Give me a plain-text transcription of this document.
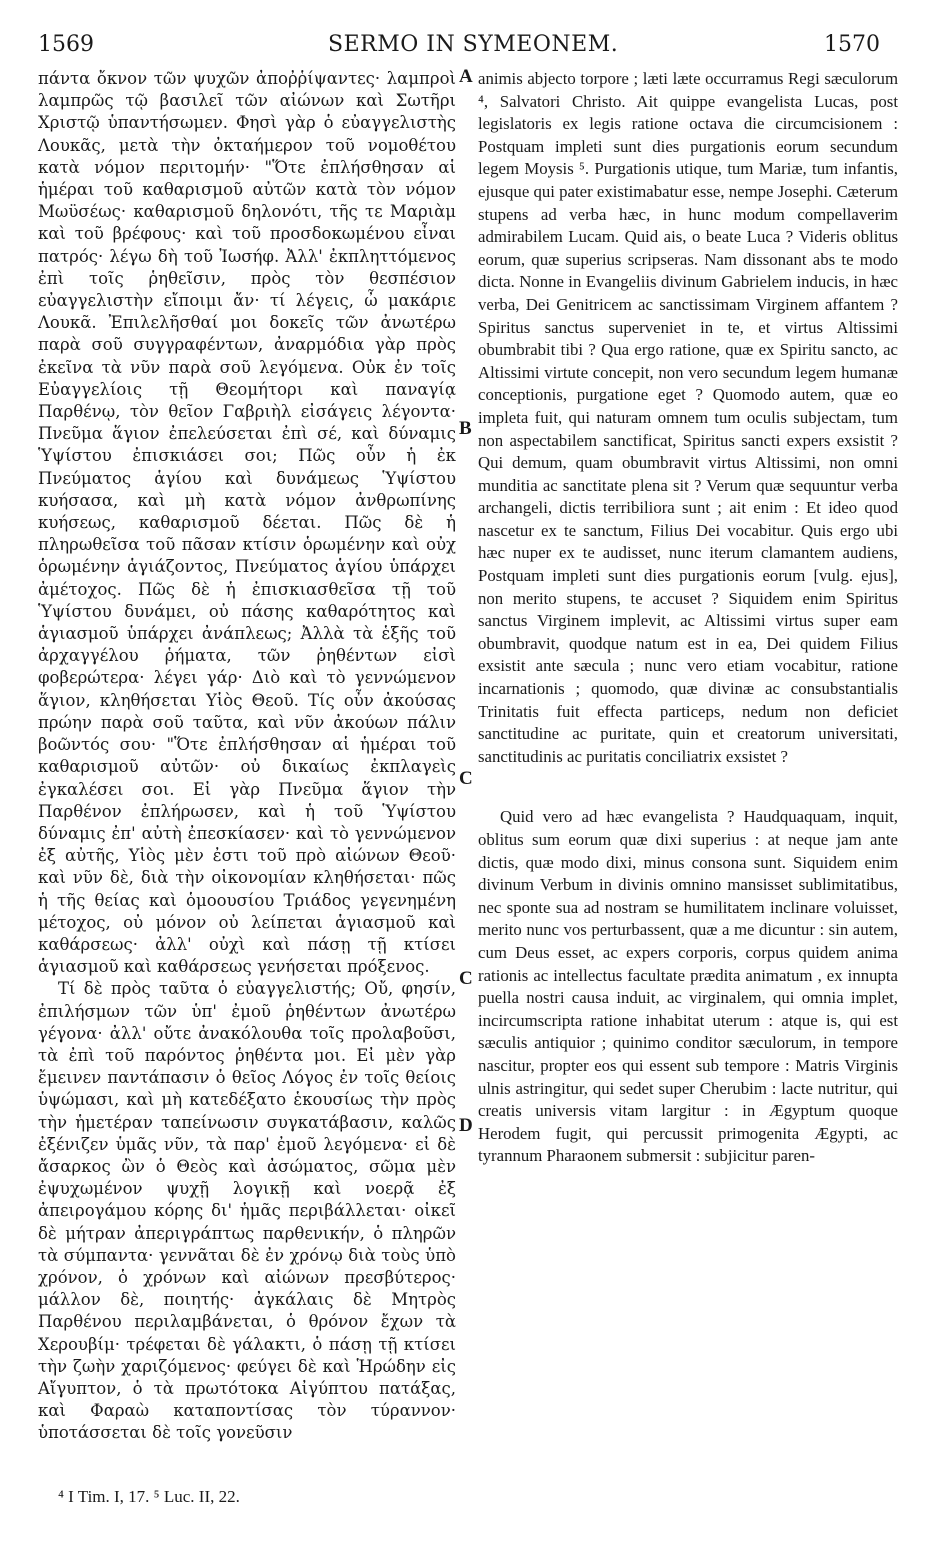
1569	SERMO IN SYMEONEM.	1570

πάντα ὄκνον τῶν ψυχῶν ἀποῤῥίψαντες· λαμπροὶ λαμπρῶς τῷ βασιλεῖ τῶν αἰώνων καὶ Σωτῆρι Χριστῷ ὑπαντήσωμεν. Φησὶ γὰρ ὁ εὐαγγελιστὴς Λουκᾶς, μετὰ τὴν ὀκταήμερον τοῦ νομοθέτου κατὰ νόμον περιτομήν· "Ὅτε ἐπλήσθησαν αἱ ἡμέραι τοῦ καθαρισμοῦ αὐτῶν κατὰ τὸν νόμον Μωϋσέως· καθαρισμοῦ δηλονότι, τῆς τε Μαριὰμ καὶ τοῦ βρέφους· καὶ τοῦ προσδοκωμένου εἶναι πατρός· λέγω δὴ τοῦ Ἰωσήφ. Ἀλλ' ἐκπληττόμενος ἐπὶ τοῖς ῥηθεῖσιν, πρὸς τὸν θεσπέσιον εὐαγγελιστὴν εἴποιμι ἄν· τί λέγεις, ὦ μακάριε Λουκᾶ. Ἐπιλελῆσθαί μοι δοκεῖς τῶν ἀνωτέρω παρὰ σοῦ συγγραφέντων, ἀναρμόδια γὰρ πρὸς ἐκεῖνα τὰ νῦν παρὰ σοῦ λεγόμενα. Οὐκ ἐν τοῖς Εὐαγγελίοις τῇ Θεομήτορι καὶ παναγίᾳ Παρθένῳ, τὸν θεῖον Γαβριὴλ εἰσάγεις λέγοντα· Πνεῦμα ἅγιον ἐπελεύσεται ἐπὶ σέ, καὶ δύναμις Ὑψίστου ἐπισκιάσει σοι; Πῶς οὖν ἡ ἐκ Πνεύματος ἁγίου καὶ δυνάμεως Ὑψίστου κυήσασα, καὶ μὴ κατὰ νόμον ἀνθρωπίνης κυήσεως, καθαρισμοῦ δέεται. Πῶς δὲ ἡ πληρωθεῖσα τοῦ πᾶσαν κτίσιν ὁρωμένην καὶ οὐχ ὁρωμένην ἁγιάζοντος, Πνεύματος ἁγίου ὑπάρχει ἀμέτοχος. Πῶς δὲ ἡ ἐπισκιασθεῖσα τῇ τοῦ Ὑψίστου δυνάμει, οὐ πάσης καθαρότητος καὶ ἁγιασμοῦ ὑπάρχει ἀνάπλεως; Ἀλλὰ τὰ ἑξῆς τοῦ ἀρχαγγέλου ῥήματα, τῶν ῥηθέντων εἰσὶ φοβερώτερα· λέγει γάρ· Διὸ καὶ τὸ γεννώμενον ἅγιον, κληθήσεται Υἱὸς Θεοῦ. Τίς οὖν ἀκούσας πρώην παρὰ σοῦ ταῦτα, καὶ νῦν ἀκούων πάλιν βοῶντός σου· "Ὅτε ἐπλήσθησαν αἱ ἡμέραι τοῦ καθαρισμοῦ αὐτῶν· οὐ δικαίως ἐκπλαγεὶς ἐγκαλέσει σοι. Εἰ γὰρ Πνεῦμα ἅγιον τὴν Παρθένον ἐπλήρωσεν, καὶ ἡ τοῦ Ὑψίστου δύναμις ἐπ' αὐτὴ ἐπεσκίασεν· καὶ τὸ γεννώμενον ἐξ αὐτῆς, Υἱὸς μὲν ἐστι τοῦ πρὸ αἰώνων Θεοῦ· καὶ νῦν δὲ, διὰ τὴν οἰκονομίαν κληθήσεται· πῶς ἡ τῆς θείας καὶ ὁμοουσίου Τριάδος γεγενημένη μέτοχος, οὐ μόνον οὐ λείπεται ἁγιασμοῦ καὶ καθάρσεως· ἀλλ' οὐχὶ καὶ πάσῃ τῇ κτίσει ἁγιασμοῦ καὶ καθάρσεως γενήσεται πρόξενος.

Τί δὲ πρὸς ταῦτα ὁ εὐαγγελιστής; Οὔ, φησίν, ἐπιλήσμων τῶν ὑπ' ἐμοῦ ῥηθέντων ἀνωτέρω γέγονα· ἀλλ' οὔτε ἀνακόλουθα τοῖς προλαβοῦσι, τὰ ἐπὶ τοῦ παρόντος ῥηθέντα μοι. Εἰ μὲν γὰρ ἔμεινεν παντάπασιν ὁ θεῖος Λόγος ἐν τοῖς θείοις ὑψώμασι, καὶ μὴ κατεδέξατο ἑκουσίως τὴν πρὸς τὴν ἡμετέραν ταπείνωσιν συγκατάβασιν, καλῶς ἐξένιζεν ὑμᾶς νῦν, τὰ παρ' ἐμοῦ λεγόμενα· εἰ δὲ ἄσαρκος ὢν ὁ Θεὸς καὶ ἀσώματος, σῶμα μὲν ἐψυχωμένον ψυχῇ λογικῇ καὶ νοερᾷ ἐξ ἀπειρογάμου κόρης δι' ἡμᾶς περιβάλλεται· οἰκεῖ δὲ μήτραν ἀπεριγράπτως παρθενικήν, ὁ πληρῶν τὰ σύμπαντα· γεννᾶται δὲ ἐν χρόνῳ διὰ τοὺς ὑπὸ χρόνον, ὁ χρόνων καὶ αἰώνων πρεσβύτερος· μάλλον δὲ, ποιητής· ἀγκάλαις δὲ Μητρὸς Παρθένου περιλαμβάνεται, ὁ θρόνον ἔχων τὰ Χερουβίμ· τρέφεται δὲ γάλακτι, ὁ πάσῃ τῇ κτίσει τὴν ζωὴν χαριζόμενος· φεύγει δὲ καὶ Ἡρώδην εἰς Αἴγυπτον, ὁ τὰ πρωτότοκα Αἰγύπτου πατάξας, καὶ Φαραὼ καταποντίσας τὸν τύραννον· ὑποτάσσεται δὲ τοῖς γονεῦσιν

A
B
C
C
D

animis abjecto torpore ; læti læte occurramus Regi sæculorum ⁴, Salvatori Christo. Ait quippe evangelista Lucas, post legislatoris ex legis ratione octava die circumcisionem : Postquam impleti sunt dies purgationis eorum secundum legem Moysis ⁵. Purgationis utique, tum Mariæ, tum infantis, ejusque qui pater existimabatur esse, nempe Josephi. Cæterum stupens ad verba hæc, in hunc modum compellaverim admirabilem Lucam. Quid ais, o beate Luca ? Videris oblitus eorum, quæ superius scripseras. Nam dissonant abs te modo dicta. Nonne in Evangeliis divinum Gabrielem inducis, in hæc verba, Dei Genitricem ac sanctissimam Virginem affantem ? Spiritus sanctus superveniet in te, et virtus Altissimi obumbrabit tibi ? Qua ergo ratione, quæ ex Spiritu sancto, ac Altissimi virtute concepit, non vero secundum legem humanæ conceptionis, purgatione eget ? Quomodo autem, quæ eo impleta fuit, qui naturam omnem tum oculis subjectam, tum non aspectabilem sanctificat, Spiritus sancti expers exsistit ? Qui demum, quam obumbravit virtus Altissimi, non omni munditia ac sanctitate plena sit ? Verum quæ sequuntur verba archangeli, dictis terribiliora sunt ; ait enim : Et ideo quod nascetur ex te sanctum, Filius Dei vocabitur. Quis ergo ubi hæc nuper ex te audisset, nunc iterum clamantem audiens, Postquam impleti sunt dies purgationis eorum [vulg. ejus], non merito stupens, te accuset ? Siquidem enim Spiritus sanctus Virginem implevit, ac Altissimi virtus super eam obumbravit, quodque natum est in ea, Dei quidem Filius exsistit ante sæcula ; nunc vero etiam vocabitur, ratione incarnationis ; quomodo, quæ divinæ ac consubstantialis Trinitatis fuit effecta particeps, nedum non deficiet sanctitudine ac puritate, quin et creatorum universitati, sanctitudinis ac puritatis conciliatrix exsistet ?

Quid vero ad hæc evangelista ? Haudquaquam, inquit, oblitus sum eorum quæ dixi superius : at neque jam ante dictis, quæ modo dixi, minus consona sunt. Siquidem enim divinum Verbum in divinis omnino mansisset sublimitatibus, nec sponte sua ad nostram se humilitatem inclinare voluisset, merito nunc vos perturbassent, quæ a me dicuntur : sin autem, cum Deus esset, ac expers corporis, corpus quidem anima rationis ac intellectus facultate prædita animatum , ex innupta puella nostri causa induit, ac virginalem, qui omnia implet, incircumscripta ratione inhabitat uterum : atque is, qui est sæculis antiquior ; quinimo conditor sæculorum, in tempore nascitur, propter eos qui essent sub tempore : Matris Virginis ulnis astringitur, qui sedet super Cherubim : lacte nutritur, qui creatis universis vitam largitur : in Ægyptum quoque Herodem fugit, qui percussit primogenita Ægypti, ac tyrannum Pharaonem submersit : subjicitur paren-

⁴ I Tim. I, 17. ⁵ Luc. II, 22.
